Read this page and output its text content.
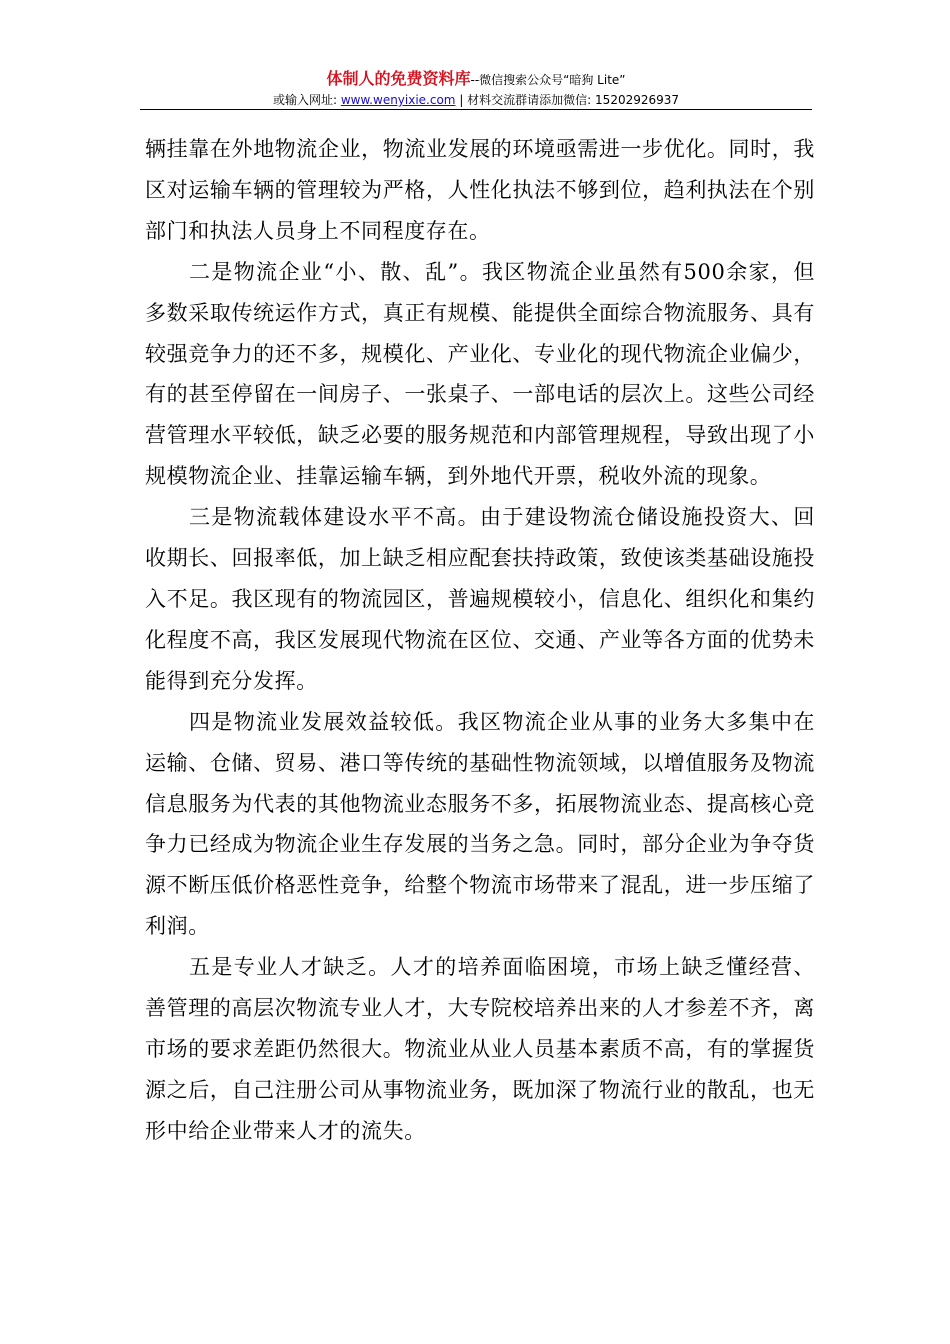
体制人的免费资料库--微信搜索公众号“暗狗 Lite”
或输入网址: www.wenyixie.com | 材料交流群请添加微信: 15202926937

辆挂靠在外地物流企业，物流业发展的环境亟需进一步优化。同时，我区对运输车辆的管理较为严格，人性化执法不够到位，趋利执法在个别部门和执法人员身上不同程度存在。

二是物流企业“小、散、乱”。我区物流企业虽然有500余家，但多数采取传统运作方式，真正有规模、能提供全面综合物流服务、具有较强竞争力的还不多，规模化、产业化、专业化的现代物流企业偏少，有的甚至停留在一间房子、一张桌子、一部电话的层次上。这些公司经营管理水平较低，缺乏必要的服务规范和内部管理规程，导致出现了小规模物流企业、挂靠运输车辆，到外地代开票，税收外流的现象。

三是物流载体建设水平不高。由于建设物流仓储设施投资大、回收期长、回报率低，加上缺乏相应配套扶持政策，致使该类基础设施投入不足。我区现有的物流园区，普遍规模较小，信息化、组织化和集约化程度不高，我区发展现代物流在区位、交通、产业等各方面的优势未能得到充分发挥。

四是物流业发展效益较低。我区物流企业从事的业务大多集中在运输、仓储、贸易、港口等传统的基础性物流领域，以增值服务及物流信息服务为代表的其他物流业态服务不多，拓展物流业态、提高核心竞争力已经成为物流企业生存发展的当务之急。同时，部分企业为争夺货源不断压低价格恶性竞争，给整个物流市场带来了混乱，进一步压缩了利润。

五是专业人才缺乏。人才的培养面临困境，市场上缺乏懂经营、善管理的高层次物流专业人才，大专院校培养出来的人才参差不齐，离市场的要求差距仍然很大。物流业从业人员基本素质不高，有的掌握货源之后，自己注册公司从事物流业务，既加深了物流行业的散乱，也无形中给企业带来人才的流失。
